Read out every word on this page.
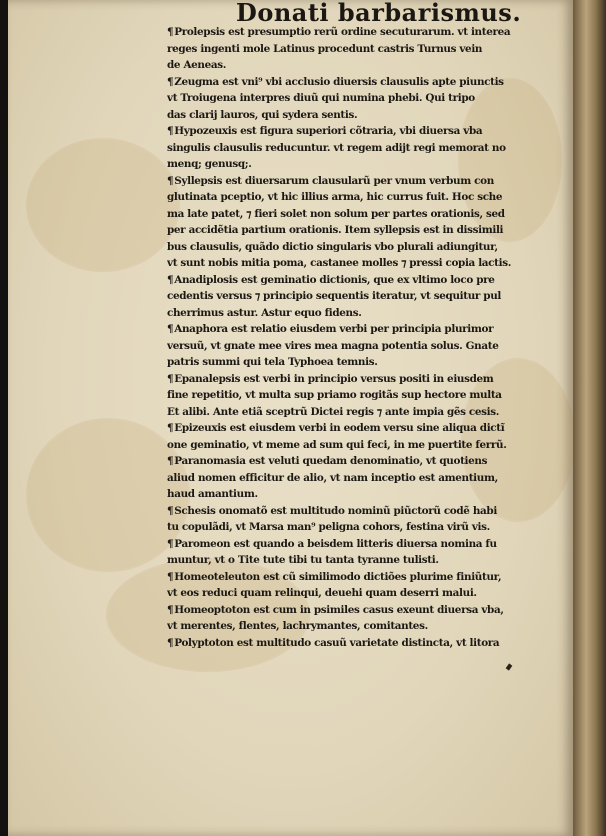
Donati barbarismus.
¶Prolepsis est presumptio rerũ ordine secuturarum. vt interea
reges ingenti mole Latinus procedunt castris Turnus vein
de Aeneas.
¶Zeugma est vni⁹ vbi acclusio diuersis clausulis apte piunctis
vt Troiugena interpres diuũ qui numina phebi. Qui tripo
das clarij lauros, qui sydera sentis.
¶Hypozeuxis est figura superiori cõtraria, vbi diuersa vba
singulis clausulis reducuntur. vt regem adijt regi memorat no
menq; genusq;.
¶Syllepsis est diuersarum clausularũ per vnum verbum con
glutinata pceptio, vt hic illius arma, hic currus fuit. Hoc sche
ma late patet, ⁊ fieri solet non solum per partes orationis, sed
per accidẽtia partium orationis. Item syllepsis est in dissimili
bus clausulis, quãdo dictio singularis vbo plurali adiungitur,
vt sunt nobis mitia poma, castanee molles ⁊ pressi copia lactis.
¶Anadiplosis est geminatio dictionis, que ex vltimo loco pre
cedentis versus ⁊ principio sequentis iteratur, vt sequitur pul
cherrimus astur. Astur equo fidens.
¶Anaphora est relatio eiusdem verbi per principia plurimor
versuũ, vt gnate mee vires mea magna potentia solus. Gnate
patris summi qui tela Typhoea temnis.
¶Epanalepsis est verbi in principio versus positi in eiusdem
fine repetitio, vt multa sup priamo rogitãs sup hectore multa
Et alibi. Ante etiã sceptrũ Dictei regis ⁊ ante impia gẽs cesis.
¶Epizeuxis est eiusdem verbi in eodem versu sine aliqua dictĩ
one geminatio, vt meme ad sum qui feci, in me puertite ferrũ.
¶Paranomasia est veluti quedam denominatio, vt quotiens
aliud nomen efficitur de alio, vt nam inceptio est amentium,
haud amantium.
¶Schesis onomatõ est multitudo nominũ piũctorũ codẽ habi
tu copulãdi, vt Marsa man⁹ peligna cohors, festina virũ vis.
¶Paromeon est quando a beisdem litteris diuersa nomina fu
muntur, vt o Tite tute tibi tu tanta tyranne tulisti.
¶Homeoteleuton est cũ similimodo dictiões plurime finiũtur,
vt eos reduci quam relinqui, deuehi quam deserri malui.
¶Homeoptoton est cum in psimiles casus exeunt diuersa vba,
vt merentes, flentes, lachrymantes, comitantes.
¶Polyptoton est multitudo casuũ varietate distincta, vt litora
